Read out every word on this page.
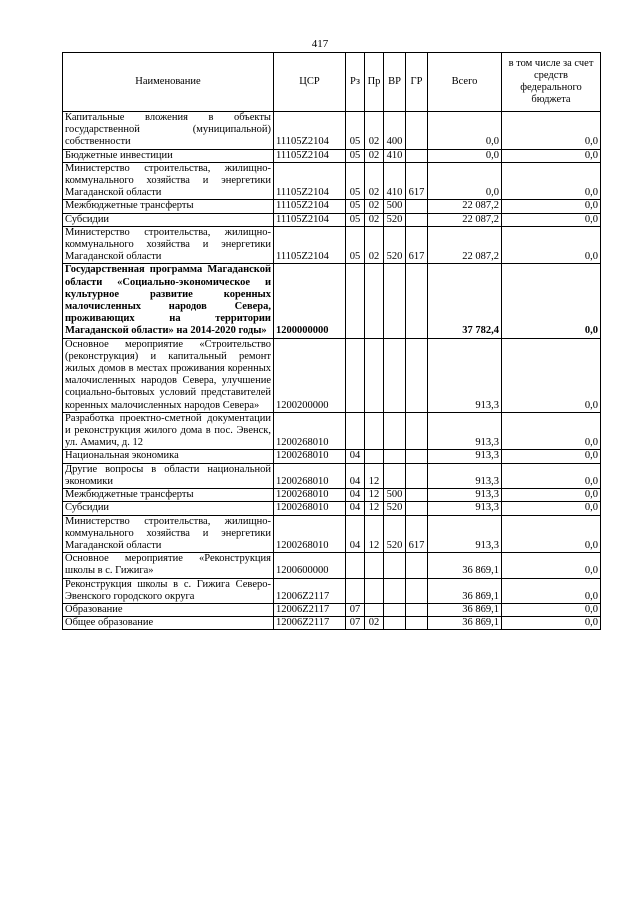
417
Наименование	ЦСР	Рз	Пр	ВР	ГР	Всего	в том числе за счет средств федерального бюджета
Капитальные вложения в объекты государственной (муниципальной) собственности	11105Z2104	05	02	400		0,0	0,0
Бюджетные инвестиции	11105Z2104	05	02	410		0,0	0,0
Министерство строительства, жилищно-коммунального хозяйства и энергетики Магаданской области	11105Z2104	05	02	410	617	0,0	0,0
Межбюджетные трансферты	11105Z2104	05	02	500		22 087,2	0,0
Субсидии	11105Z2104	05	02	520		22 087,2	0,0
Министерство строительства, жилищно-коммунального хозяйства и энергетики Магаданской области	11105Z2104	05	02	520	617	22 087,2	0,0
Государственная программа Магаданской области «Социально-экономическое и культурное развитие коренных малочисленных народов Севера, проживающих на территории Магаданской области» на 2014-2020 годы»	1200000000					37 782,4	0,0
Основное мероприятие «Строительство (реконструкция) и капитальный ремонт жилых домов в местах проживания коренных малочисленных народов Севера, улучшение социально-бытовых условий представителей коренных малочисленных народов Севера»	1200200000					913,3	0,0
Разработка проектно-сметной документации и реконструкция жилого дома в пос. Эвенск, ул. Амамич, д. 12	1200268010					913,3	0,0
Национальная экономика	1200268010	04				913,3	0,0
Другие вопросы в области национальной экономики	1200268010	04	12			913,3	0,0
Межбюджетные трансферты	1200268010	04	12	500		913,3	0,0
Субсидии	1200268010	04	12	520		913,3	0,0
Министерство строительства, жилищно-коммунального хозяйства и энергетики Магаданской области	1200268010	04	12	520	617	913,3	0,0
Основное мероприятие «Реконструкция школы в с. Гижига»	1200600000					36 869,1	0,0
Реконструкция школы в с. Гижига Северо-Эвенского городского округа	12006Z2117					36 869,1	0,0
Образование	12006Z2117	07				36 869,1	0,0
Общее образование	12006Z2117	07	02			36 869,1	0,0
